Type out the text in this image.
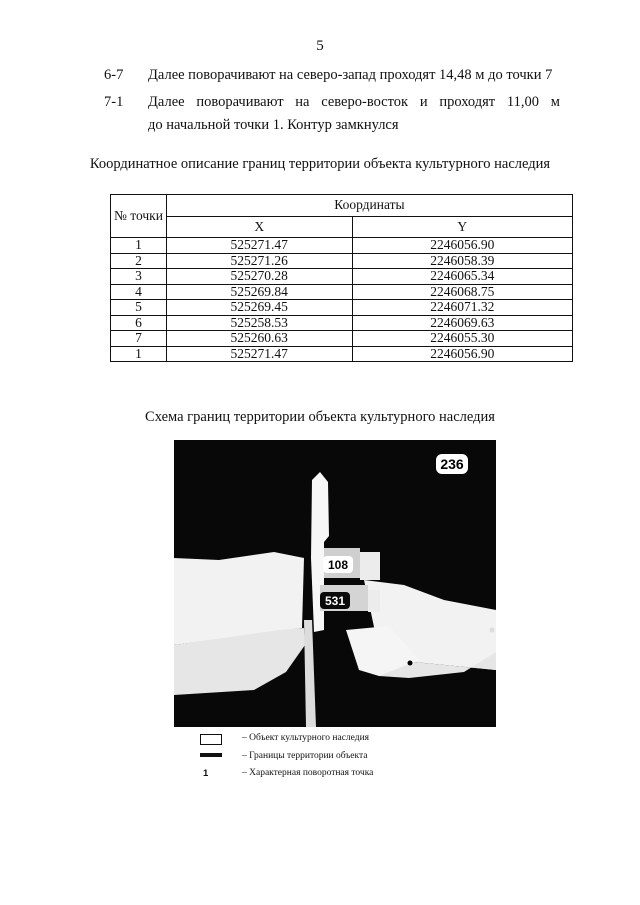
5
6-7 Далее поворачивают на северо-запад проходят 14,48 м до точки 7
7-1 Далее поворачивают на северо-восток и проходят 11,00 м
до начальной точки 1. Контур замкнулся
Координатное описание границ территории объекта культурного наследия
№ точки	Координаты	
	X	Y
1	525271.47	2246056.90
2	525271.26	2246058.39
3	525270.28	2246065.34
4	525269.84	2246068.75
5	525269.45	2246071.32
6	525258.53	2246069.63
7	525260.63	2246055.30
1	525271.47	2246056.90
Схема границ территории объекта культурного наследия
236
108
531
– Объект культурного наследия
– Границы территории объекта
1	– Характерная поворотная точка
